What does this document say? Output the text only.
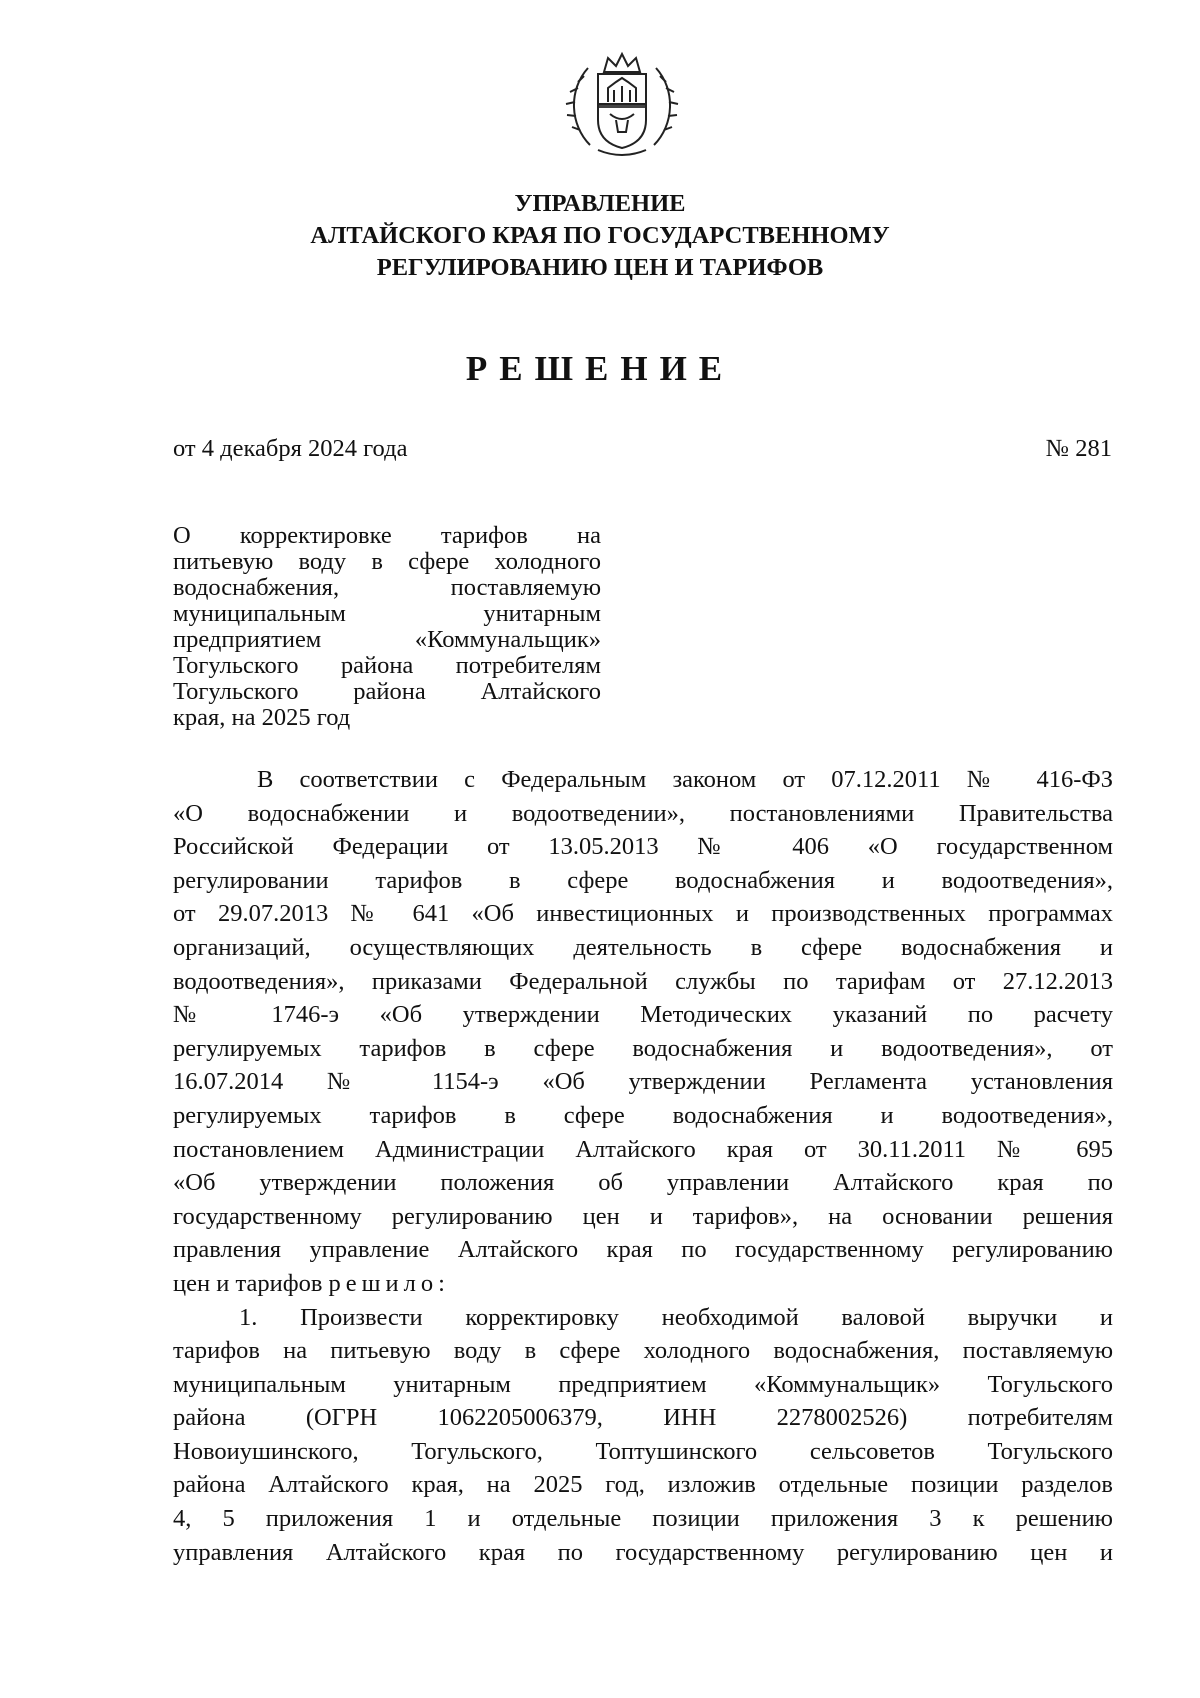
УПРАВЛЕНИЕ
АЛТАЙСКОГО КРАЯ ПО ГОСУДАРСТВЕННОМУ
РЕГУЛИРОВАНИЮ ЦЕН И ТАРИФОВ
РЕШЕНИЕ
от 4 декабря 2024 года	№ 281
О корректировке тарифов на
питьевую воду в сфере холодного
водоснабжения, поставляемую
муниципальным унитарным
предприятием «Коммунальщик»
Тогульского района потребителям
Тогульского района Алтайского
края, на 2025 год
В соответствии с Федеральным законом от 07.12.2011 № 416-ФЗ
«О водоснабжении и водоотведении», постановлениями Правительства
Российской Федерации от 13.05.2013 № 406 «О государственном
регулировании тарифов в сфере водоснабжения и водоотведения»,
от 29.07.2013 № 641 «Об инвестиционных и производственных программах
организаций, осуществляющих деятельность в сфере водоснабжения и
водоотведения», приказами Федеральной службы по тарифам от 27.12.2013
№ 1746-э «Об утверждении Методических указаний по расчету
регулируемых тарифов в сфере водоснабжения и водоотведения», от
16.07.2014 № 1154-э «Об утверждении Регламента установления
регулируемых тарифов в сфере водоснабжения и водоотведения»,
постановлением Администрации Алтайского края от 30.11.2011 № 695
«Об утверждении положения об управлении Алтайского края по
государственному регулированию цен и тарифов», на основании решения
правления управление Алтайского края по государственному регулированию
цен и тарифов решило:
1. Произвести корректировку необходимой валовой выручки и
тарифов на питьевую воду в сфере холодного водоснабжения, поставляемую
муниципальным унитарным предприятием «Коммунальщик» Тогульского
района (ОГРН 1062205006379, ИНН 2278002526) потребителям
Новоиушинского, Тогульского, Топтушинского сельсоветов Тогульского
района Алтайского края, на 2025 год, изложив отдельные позиции разделов
4, 5 приложения 1 и отдельные позиции приложения 3 к решению
управления Алтайского края по государственному регулированию цен и
